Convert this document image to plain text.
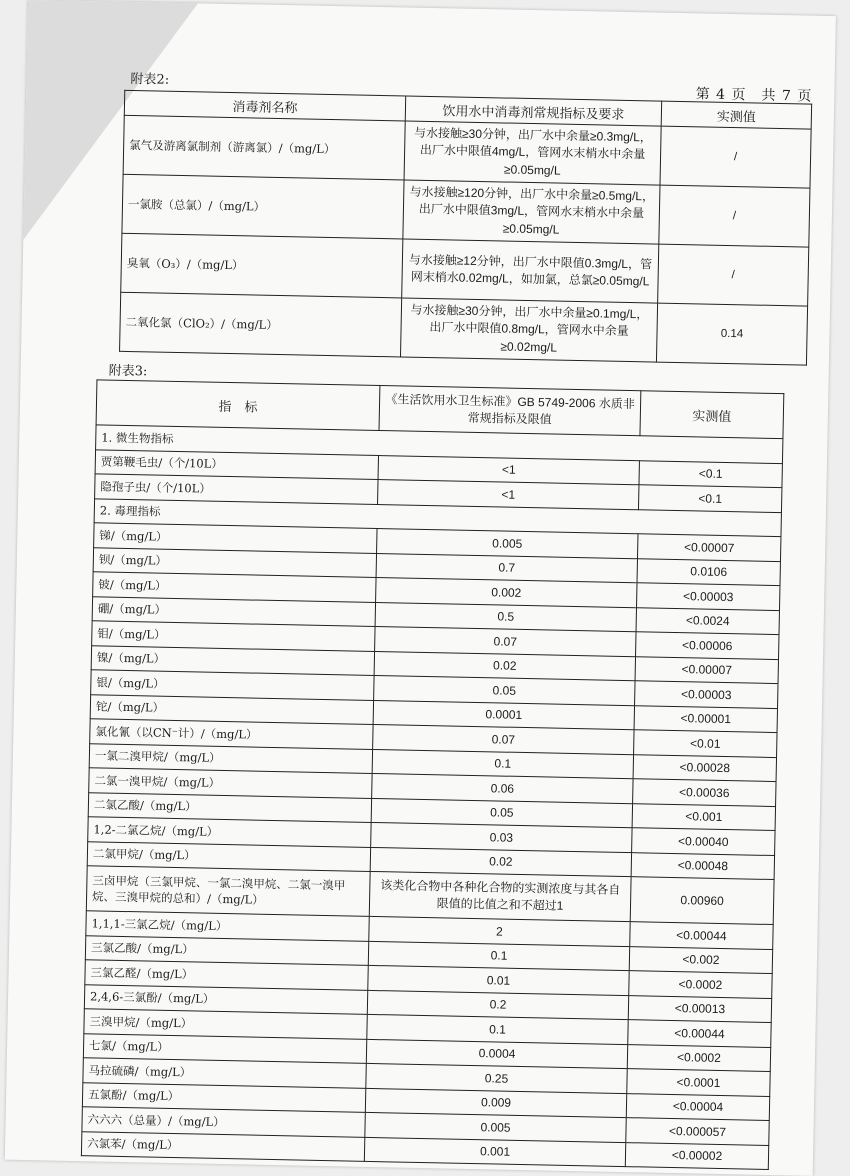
附表2:
第 4 页　共 7 页
消毒剂名称	饮用水中消毒剂常规指标及要求	实测值
氯气及游离氯制剂（游离氯）/（mg/L）	与水接触≥30分钟，出厂水中余量≥0.3mg/L，出厂水中限值4mg/L，管网水末梢水中余量≥0.05mg/L	/
一氯胺（总氯）/（mg/L）	与水接触≥120分钟，出厂水中余量≥0.5mg/L，出厂水中限值3mg/L，管网水末梢水中余量≥0.05mg/L	/
臭氧（O₃）/（mg/L）	与水接触≥12分钟，出厂水中限值0.3mg/L，管网末梢水0.02mg/L，如加氯，总氯≥0.05mg/L	/
二氧化氯（ClO₂）/（mg/L）	与水接触≥30分钟，出厂水中余量≥0.1mg/L，出厂水中限值0.8mg/L，管网水中余量≥0.02mg/L	0.14
附表3:
指　标	《生活饮用水卫生标准》GB 5749-2006 水质非常规指标及限值	实测值
1. 微生物指标		
贾第鞭毛虫/（个/10L）	<1	<0.1
隐孢子虫/（个/10L）	<1	<0.1
2. 毒理指标		
锑/（mg/L）	0.005	<0.00007
钡/（mg/L）	0.7	0.0106
铍/（mg/L）	0.002	<0.00003
硼/（mg/L）	0.5	<0.0024
钼/（mg/L）	0.07	<0.00006
镍/（mg/L）	0.02	<0.00007
银/（mg/L）	0.05	<0.00003
铊/（mg/L）	0.0001	<0.00001
氯化氰（以CN⁻计）/（mg/L）	0.07	<0.01
一氯二溴甲烷/（mg/L）	0.1	<0.00028
二氯一溴甲烷/（mg/L）	0.06	<0.00036
二氯乙酸/（mg/L）	0.05	<0.001
1,2-二氯乙烷/（mg/L）	0.03	<0.00040
二氯甲烷/（mg/L）	0.02	<0.00048
三卤甲烷（三氯甲烷、一氯二溴甲烷、二氯一溴甲烷、三溴甲烷的总和）/（mg/L）	该类化合物中各种化合物的实测浓度与其各自限值的比值之和不超过1	0.00960
1,1,1-三氯乙烷/（mg/L）	2	<0.00044
三氯乙酸/（mg/L）	0.1	<0.002
三氯乙醛/（mg/L）	0.01	<0.0002
2,4,6-三氯酚/（mg/L）	0.2	<0.00013
三溴甲烷/（mg/L）	0.1	<0.00044
七氯/（mg/L）	0.0004	<0.0002
马拉硫磷/（mg/L）	0.25	<0.0001
五氯酚/（mg/L）	0.009	<0.00004
六六六（总量）/（mg/L）	0.005	<0.000057
六氯苯/（mg/L）	0.001	<0.00002
